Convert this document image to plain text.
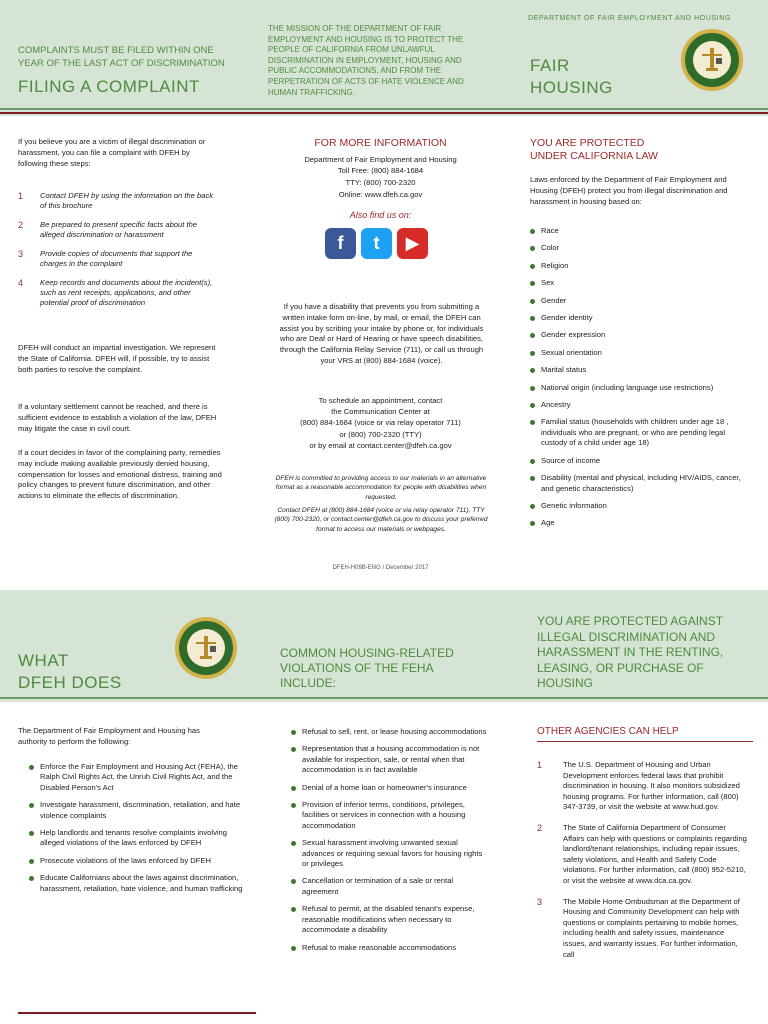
COMPLAINTS MUST BE FILED WITHIN ONE YEAR OF THE LAST ACT OF DISCRIMINATION
FILING A COMPLAINT
If you believe you are a victim of illegal discrimination or harassment, you can file a complaint with DFEH by following these steps:
1	Contact DFEH by using the information on the back of this brochure
2	Be prepared to present specific facts about the alleged discrimination or harassment
3	Provide copies of documents that support the charges in the complaint
4	Keep records and documents about the incident(s), such as rent receipts, applications, and other potential proof of discrimination
DFEH will conduct an impartial investigation. We represent the State of California. DFEH will, if possible, try to assist both parties to resolve the complaint.
If a voluntary settlement cannot be reached, and there is sufficient evidence to establish a violation of the law, DFEH may litigate the case in civil court.
If a court decides in favor of the complaining party, remedies may include making available previously denied housing, compensation for losses and emotional distress, training and policy changes to prevent future discrimination, and other actions to eliminate the effects of discrimination.
THE MISSION OF THE DEPARTMENT OF FAIR EMPLOYMENT AND HOUSING IS TO PROTECT THE PEOPLE OF CALIFORNIA FROM UNLAWFUL DISCRIMINATION IN EMPLOYMENT, HOUSING AND PUBLIC ACCOMMODATIONS, AND FROM THE PERPETRATION OF ACTS OF HATE VIOLENCE AND HUMAN TRAFFICKING.
FOR MORE INFORMATION
Department of Fair Employment and Housing
Toll Free: (800) 884-1684
TTY: (800) 700-2320
Online: www.dfeh.ca.gov
Also find us on:
f	t	▶
If you have a disability that prevents you from submitting a written intake form on-line, by mail, or email, the DFEH can assist you by scribing your intake by phone or, for individuals who are Deaf or Hard of Hearing or have speech disabilities, through the California Relay Service (711), or call us through your VRS at (800) 884-1684 (voice).
To schedule an appointment, contact
the Communication Center at
(800) 884-1684 (voice or via relay operator 711)
or (800) 700-2320 (TTY)
or by email at contact.center@dfeh.ca.gov
DFEH is committed to providing access to our materials in an alternative format as a reasonable accommodation for people with disabilities when requested.
Contact DFEH at (800) 884-1684 (voice or via relay operator 711), TTY (800) 700-2320, or contact.center@dfeh.ca.gov to discuss your preferred format to access our materials or webpages.
DFEH-H09B-ENG / December 2017
DEPARTMENT OF FAIR EMPLOYMENT AND HOUSING
FAIR
HOUSING
YOU ARE PROTECTED
UNDER CALIFORNIA LAW
Laws enforced by the Department of Fair Employment and Housing (DFEH) protect you from illegal discrimination and harassment in housing based on:
Race
Color
Religion
Sex
Gender
Gender identity
Gender expression
Sexual orientation
Marital status
National origin (including language use restrictions)
Ancestry
Familial status (households with children under age 18 , individuals who are pregnant, or who are pending legal custody of a child under age 18)
Source of income
Disability (mental and physical, including HIV/AIDS, cancer, and genetic characteristics)
Genetic information
Age
WHAT
DFEH DOES
The Department of Fair Employment and Housing has authority to perform the following:
Enforce the Fair Employment and Housing Act (FEHA), the Ralph Civil Rights Act, the Unruh Civil Rights Act, and the Disabled Person's Act
Investigate harassment, discrimination, retaliation, and hate violence complaints
Help landlords and tenants resolve complaints involving alleged violations of the laws enforced by DFEH
Prosecute violations of the laws enforced by DFEH
Educate Californians about the laws against discrimination, harassment, retaliation, hate violence, and human trafficking
COMMON HOUSING-RELATED VIOLATIONS OF THE FEHA INCLUDE:
Refusal to sell, rent, or lease housing accommodations
Representation that a housing accommodation is not available for inspection, sale, or rental when that accommodation is in fact available
Denial of a home loan or homeowner's insurance
Provision of inferior terms, conditions, privileges, facilities or services in connection with a housing accommodation
Sexual harassment involving unwanted sexual advances or requiring sexual favors for housing rights or privileges
Cancellation or termination of a sale or rental agreement
Refusal to permit, at the disabled tenant's expense, reasonable modifications when necessary to accommodate a disability
Refusal to make reasonable accommodations
YOU ARE PROTECTED AGAINST ILLEGAL DISCRIMINATION AND HARASSMENT IN THE RENTING, LEASING, OR PURCHASE OF HOUSING
OTHER AGENCIES CAN HELP
1	The U.S. Department of Housing and Urban Development enforces federal laws that prohibit discrimination in housing. It also monitors subsidized housing programs. For further information, call (800) 347-3739, or visit the website at www.hud.gov.
2	The State of California Department of Consumer Affairs can help with questions or complaints regarding landlord/tenant relationships, including repair issues, safety violations, and Health and Safety Code violations. For further information, call (800) 952-5210, or visit the website at www.dca.ca.gov.
3	The Mobile Home Ombudsman at the Department of Housing and Community Development can help with questions or complaints pertaining to mobile homes, including health and safety issues, maintenance issues, and warranty issues. For further information, call
